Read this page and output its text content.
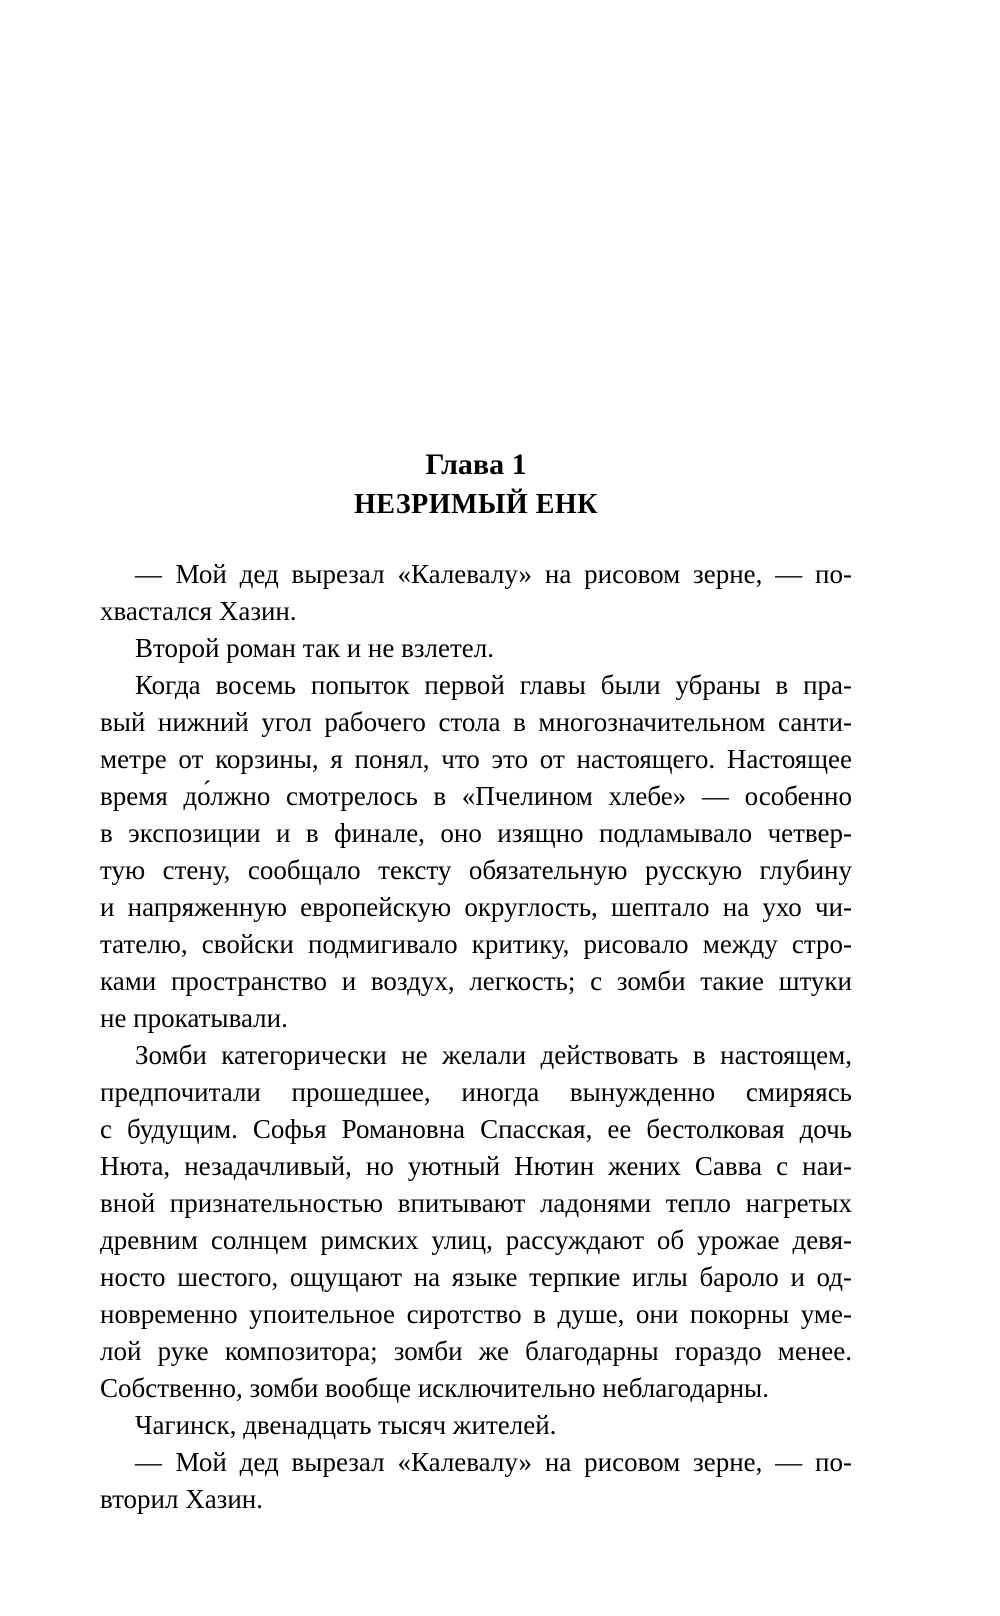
Глава 1
НЕЗРИМЫЙ ЕНК
— Мой дед вырезал «Калевалу» на рисовом зерне, — по-
хвастался Хазин.
Второй роман так и не взлетел.
Когда восемь попыток первой главы были убраны в пра-
вый нижний угол рабочего стола в многозначительном санти-
метре от корзины, я понял, что это от настоящего. Настоящее
время до́лжно смотрелось в «Пчелином хлебе» — особенно
в экспозиции и в финале, оно изящно подламывало четвер-
тую стену, сообщало тексту обязательную русскую глубину
и напряженную европейскую округлость, шептало на ухо чи-
тателю, свойски подмигивало критику, рисовало между стро-
ками пространство и воздух, легкость; с зомби такие штуки
не прокатывали.
Зомби категорически не желали действовать в настоящем,
предпочитали прошедшее, иногда вынужденно смиряясь
с будущим. Софья Романовна Спасская, ее бестолковая дочь
Нюта, незадачливый, но уютный Нютин жених Савва с наи-
вной признательностью впитывают ладонями тепло нагретых
древним солнцем римских улиц, рассуждают об урожае девя-
носто шестого, ощущают на языке терпкие иглы бароло и од-
новременно упоительное сиротство в душе, они покорны уме-
лой руке композитора; зомби же благодарны гораздо менее.
Собственно, зомби вообще исключительно неблагодарны.
Чагинск, двенадцать тысяч жителей.
— Мой дед вырезал «Калевалу» на рисовом зерне, — по-
вторил Хазин.
